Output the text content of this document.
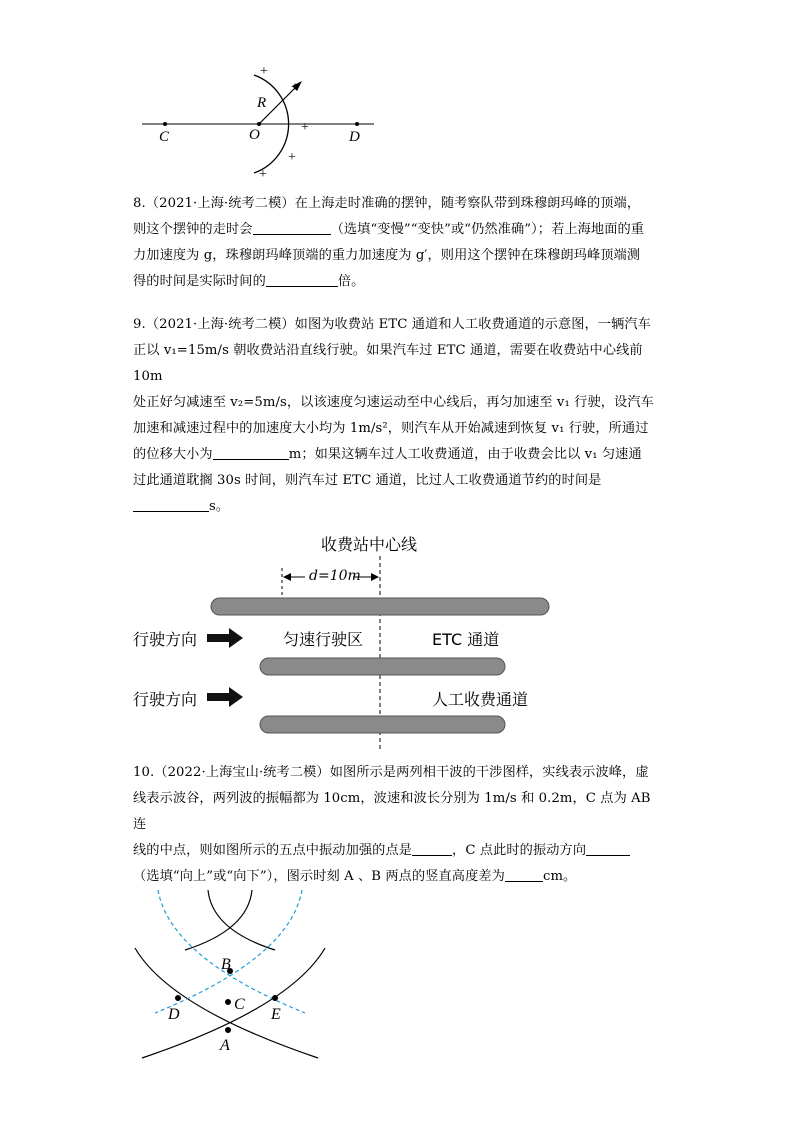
C	O	D
R
+
+
+
+
+
8.（2021·上海·统考二模）在上海走时准确的摆钟，随考察队带到珠穆朗玛峰的顶端，
则这个摆钟的走时会	（选填“变慢”“变快”或“仍然准确”）；若上海地面的重
力加速度为 g，珠穆朗玛峰顶端的重力加速度为 g′，则用这个摆钟在珠穆朗玛峰顶端测
得的时间是实际时间的	倍。
9.（2021·上海·统考二模）如图为收费站 ETC 通道和人工收费通道的示意图，一辆汽车
正以 v₁=15m/s 朝收费站沿直线行驶。如果汽车过 ETC 通道，需要在收费站中心线前 10m
处正好匀减速至 v₂=5m/s，以该速度匀速运动至中心线后，再匀加速至 v₁ 行驶，设汽车
加速和减速过程中的加速度大小均为 1m/s²，则汽车从开始减速到恢复 v₁ 行驶，所通过
的位移大小为	m；如果这辆车过人工收费通道，由于收费会比以 v₁ 匀速通
过此通道耽搁 30s 时间，则汽车过 ETC 通道，比过人工收费通道节约的时间是
s。
收费站中心线
d=10m
行驶方向	匀速行驶区	ETC 通道
行驶方向	人工收费通道
10.（2022·上海宝山·统考二模）如图所示是两列相干波的干涉图样，实线表示波峰，虚
线表示波谷，两列波的振幅都为 10cm，波速和波长分别为 1m/s 和 0.2m，C 点为 AB 连
线的中点，则如图所示的五点中振动加强的点是	，C 点此时的振动方向
（选填“向上”或“向下”），图示时刻 A 、B 两点的竖直高度差为	cm。
B
D	E
C
A
